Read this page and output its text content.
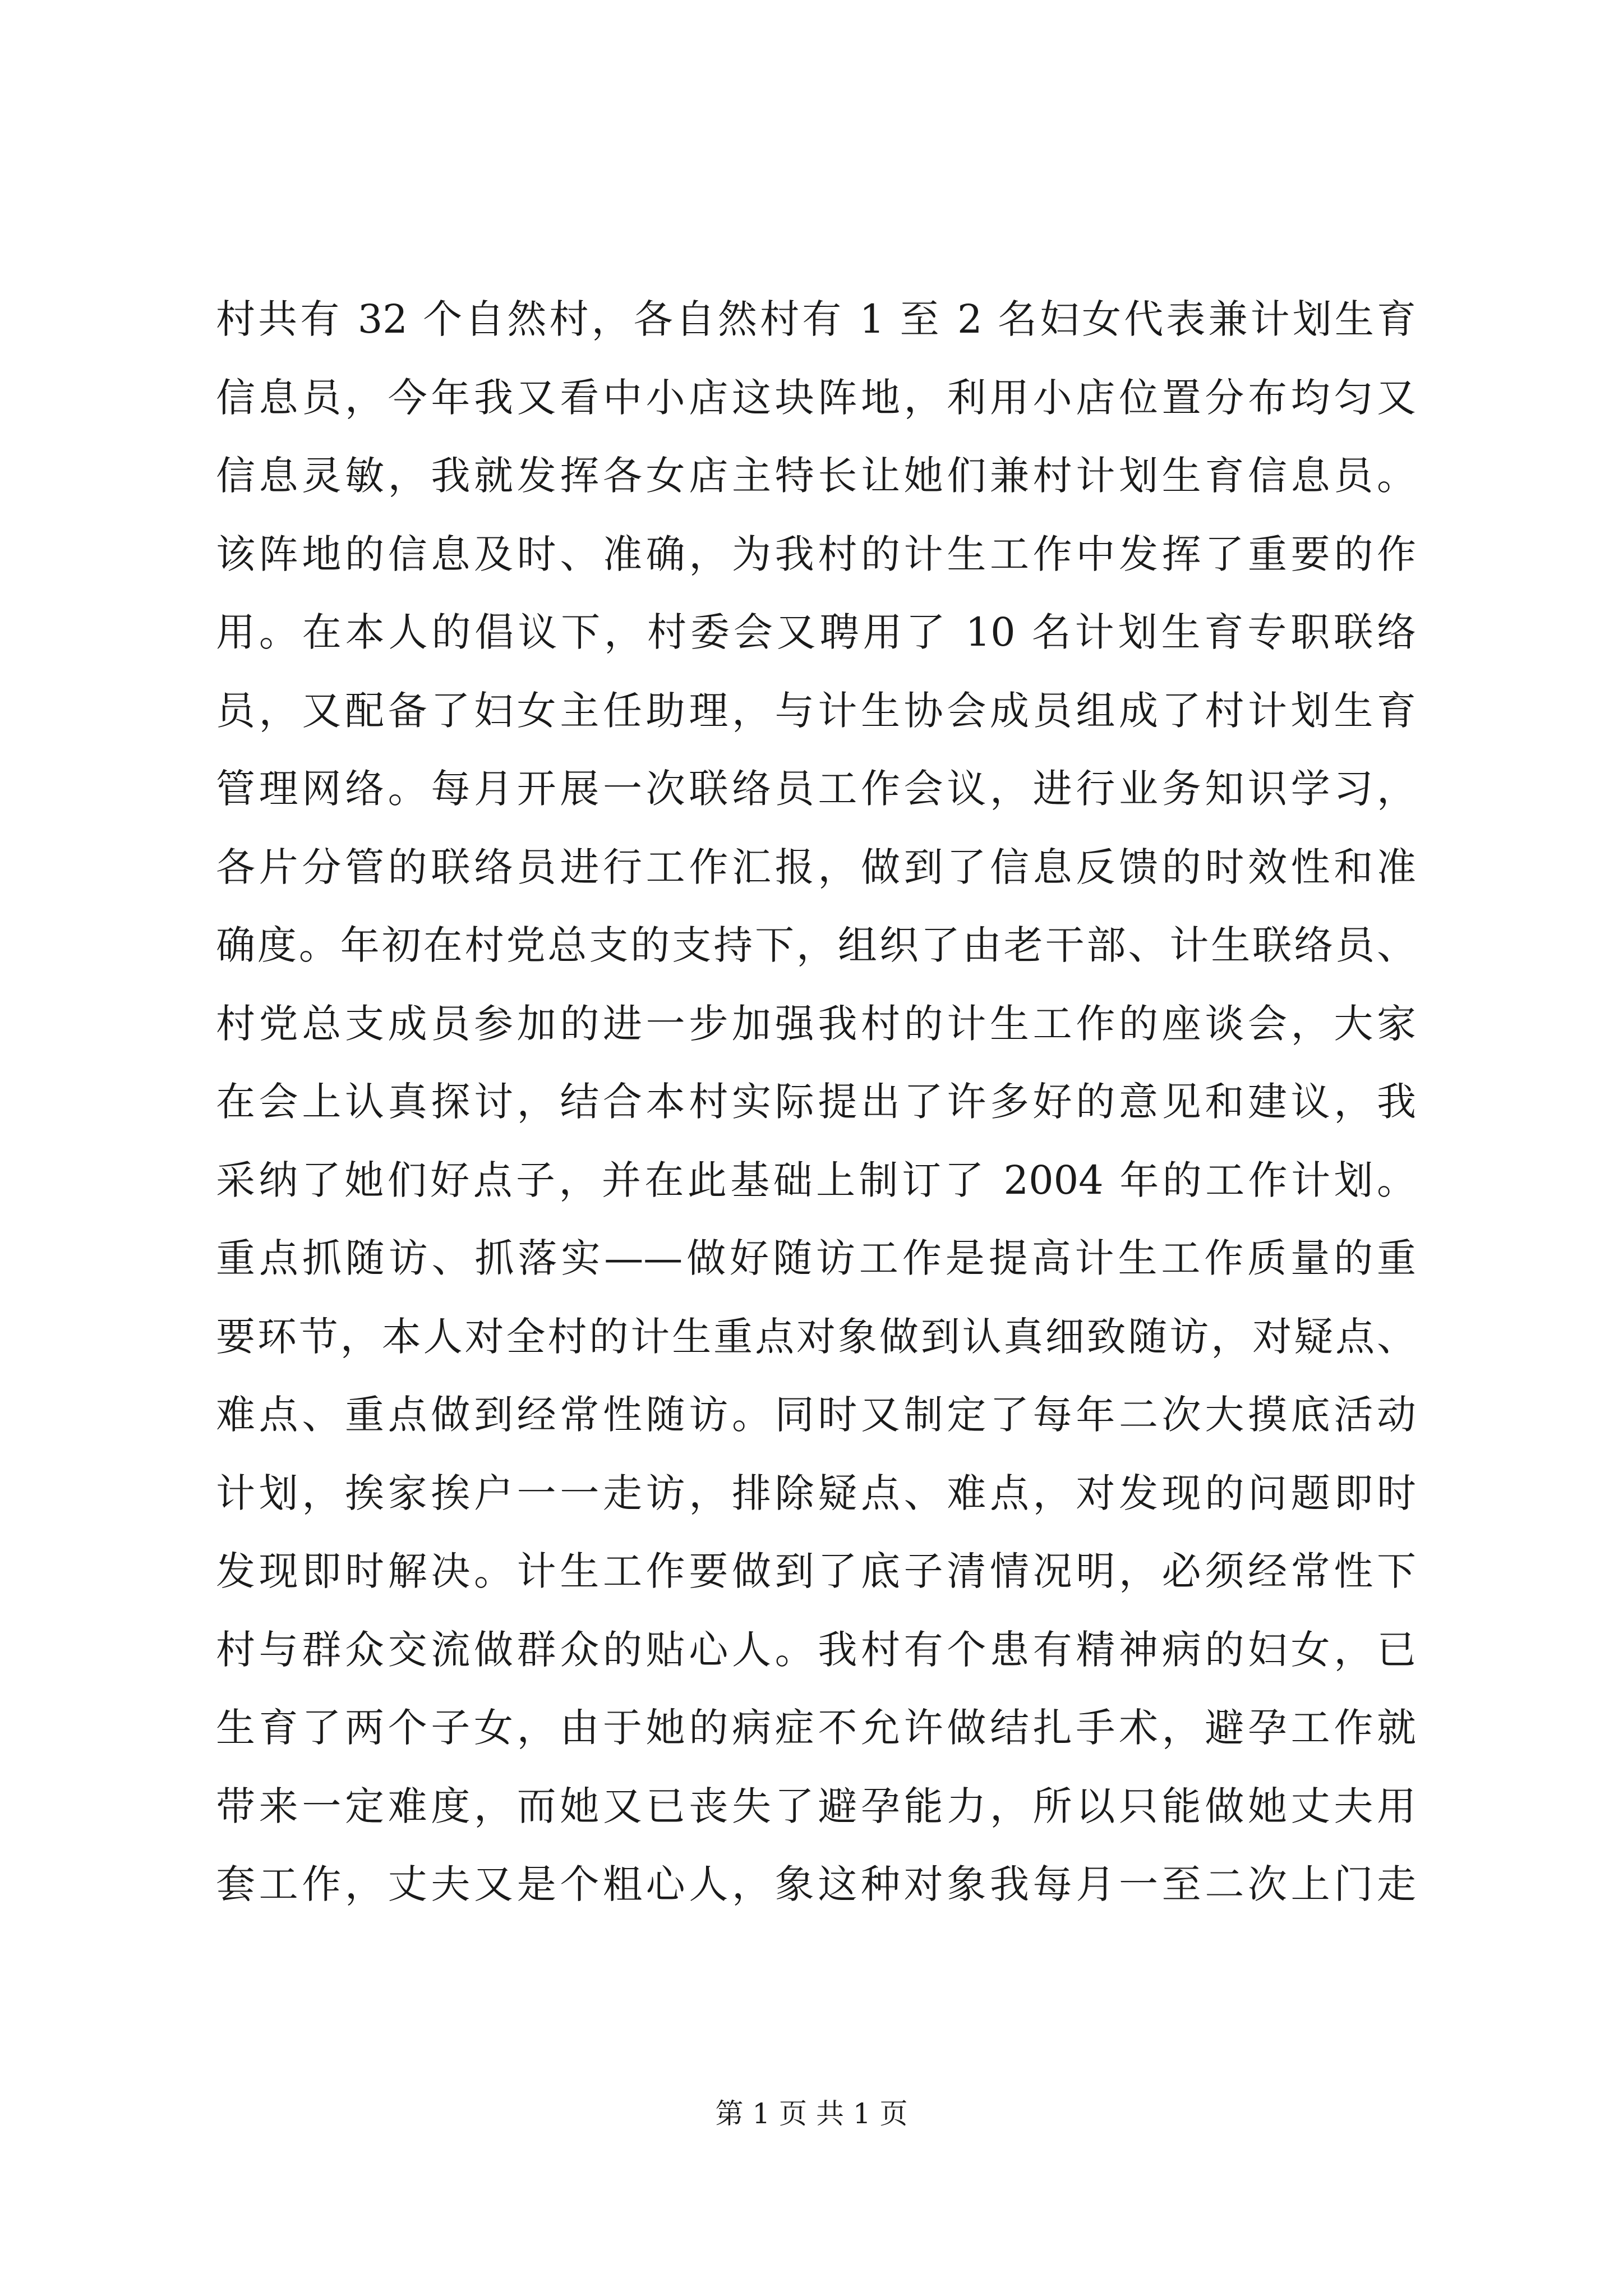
村共有 32 个自然村，各自然村有 1 至 2 名妇女代表兼计划生育
信息员，今年我又看中小店这块阵地，利用小店位置分布均匀又
信息灵敏，我就发挥各女店主特长让她们兼村计划生育信息员。
该阵地的信息及时、准确，为我村的计生工作中发挥了重要的作
用。在本人的倡议下，村委会又聘用了 10 名计划生育专职联络
员，又配备了妇女主任助理，与计生协会成员组成了村计划生育
管理网络。每月开展一次联络员工作会议，进行业务知识学习，
各片分管的联络员进行工作汇报，做到了信息反馈的时效性和准
确度。年初在村党总支的支持下，组织了由老干部、计生联络员、
村党总支成员参加的进一步加强我村的计生工作的座谈会，大家
在会上认真探讨，结合本村实际提出了许多好的意见和建议，我
采纳了她们好点子，并在此基础上制订了 2004 年的工作计划。
重点抓随访、抓落实——做好随访工作是提高计生工作质量的重
要环节，本人对全村的计生重点对象做到认真细致随访，对疑点、
难点、重点做到经常性随访。同时又制定了每年二次大摸底活动
计划，挨家挨户一一走访，排除疑点、难点，对发现的问题即时
发现即时解决。计生工作要做到了底子清情况明，必须经常性下
村与群众交流做群众的贴心人。我村有个患有精神病的妇女，已
生育了两个子女，由于她的病症不允许做结扎手术，避孕工作就
带来一定难度，而她又已丧失了避孕能力，所以只能做她丈夫用
套工作，丈夫又是个粗心人，象这种对象我每月一至二次上门走
第 1 页 共 1 页
